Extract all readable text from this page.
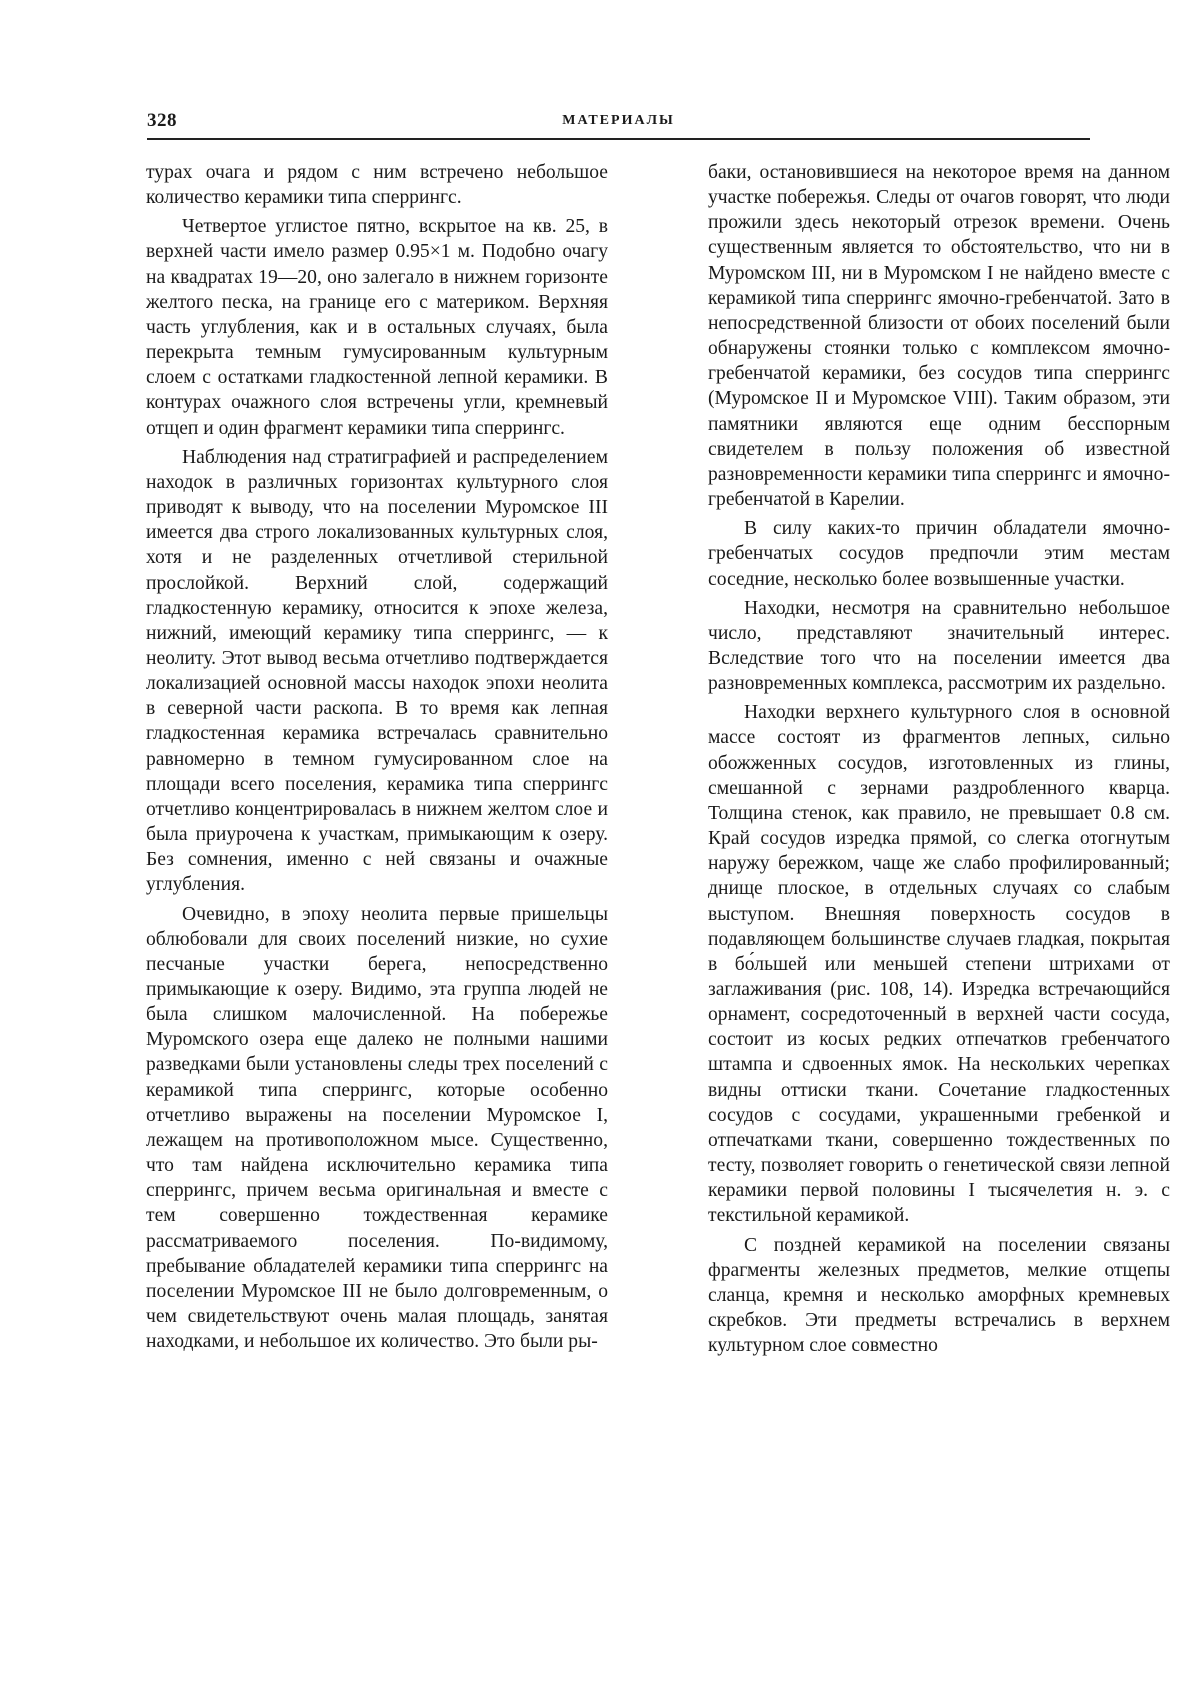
328	МАТЕРИАЛЫ

турах очага и рядом с ним встречено небольшое количество керамики типа сперрингс.

Четвертое углистое пятно, вскрытое на кв. 25, в верхней части имело размер 0.95×1 м. Подобно очагу на квадратах 19—20, оно залегало в нижнем горизонте желтого песка, на границе его с материком. Верхняя часть углубления, как и в остальных случаях, была перекрыта темным гумусированным культурным слоем с остатками гладкостенной лепной керамики. В контурах очажного слоя встречены угли, кремневый отщеп и один фрагмент керамики типа сперрингс.

Наблюдения над стратиграфией и распределением находок в различных горизонтах культурного слоя приводят к выводу, что на поселении Муромское III имеется два строго локализованных культурных слоя, хотя и не разделенных отчетливой стерильной прослойкой. Верхний слой, содержащий гладкостенную керамику, относится к эпохе железа, нижний, имеющий керамику типа сперрингс, — к неолиту. Этот вывод весьма отчетливо подтверждается локализацией основной массы находок эпохи неолита в северной части раскопа. В то время как лепная гладкостенная керамика встречалась сравнительно равномерно в темном гумусированном слое на площади всего поселения, керамика типа сперрингс отчетливо концентрировалась в нижнем желтом слое и была приурочена к участкам, примыкающим к озеру. Без сомнения, именно с ней связаны и очажные углубления.

Очевидно, в эпоху неолита первые пришельцы облюбовали для своих поселений низкие, но сухие песчаные участки берега, непосредственно примыкающие к озеру. Видимо, эта группа людей не была слишком малочисленной. На побережье Муромского озера еще далеко не полными нашими разведками были установлены следы трех поселений с керамикой типа сперрингс, которые особенно отчетливо выражены на поселении Муромское I, лежащем на противоположном мысе. Существенно, что там найдена исключительно керамика типа сперрингс, причем весьма оригинальная и вместе с тем совершенно тождественная керамике рассматриваемого поселения. По-видимому, пребывание обладателей керамики типа сперрингс на поселении Муромское III не было долговременным, о чем свидетельствуют очень малая площадь, занятая находками, и небольшое их количество. Это были ры-

баки, остановившиеся на некоторое время на данном участке побережья. Следы от очагов говорят, что люди прожили здесь некоторый отрезок времени. Очень существенным является то обстоятельство, что ни в Муромском III, ни в Муромском I не найдено вместе с керамикой типа сперрингс ямочно-гребенчатой. Зато в непосредственной близости от обоих поселений были обнаружены стоянки только с комплексом ямочно-гребенчатой керамики, без сосудов типа сперрингс (Муромское II и Муромское VIII). Таким образом, эти памятники являются еще одним бесспорным свидетелем в пользу положения об известной разновременности керамики типа сперрингс и ямочно-гребенчатой в Карелии.

В силу каких-то причин обладатели ямочно-гребенчатых сосудов предпочли этим местам соседние, несколько более возвышенные участки.

Находки, несмотря на сравнительно небольшое число, представляют значительный интерес. Вследствие того что на поселении имеется два разновременных комплекса, рассмотрим их раздельно.

Находки верхнего культурного слоя в основной массе состоят из фрагментов лепных, сильно обожженных сосудов, изготовленных из глины, смешанной с зернами раздробленного кварца. Толщина стенок, как правило, не превышает 0.8 см. Край сосудов изредка прямой, со слегка отогнутым наружу бережком, чаще же слабо профилированный; днище плоское, в отдельных случаях со слабым выступом. Внешняя поверхность сосудов в подавляющем большинстве случаев гладкая, покрытая в бо́льшей или меньшей степени штрихами от заглаживания (рис. 108, 14). Изредка встречающийся орнамент, сосредоточенный в верхней части сосуда, состоит из косых редких отпечатков гребенчатого штампа и сдвоенных ямок. На нескольких черепках видны оттиски ткани. Сочетание гладкостенных сосудов с сосудами, украшенными гребенкой и отпечатками ткани, совершенно тождественных по тесту, позволяет говорить о генетической связи лепной керамики первой половины I тысячелетия н. э. с текстильной керамикой.

С поздней керамикой на поселении связаны фрагменты железных предметов, мелкие отщепы сланца, кремня и несколько аморфных кремневых скребков. Эти предметы встречались в верхнем культурном слое совместно
